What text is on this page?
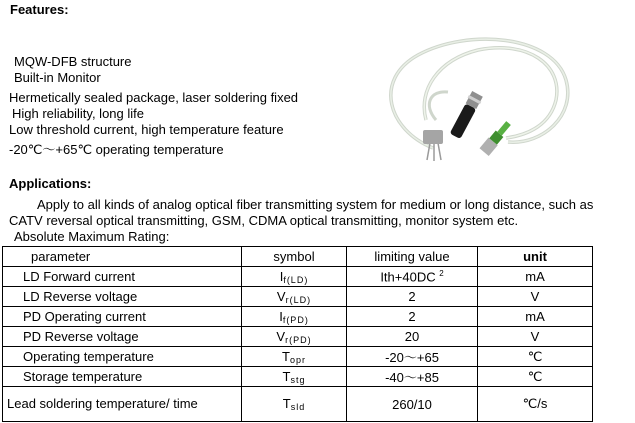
Features:
MQW-DFB structure
Built-in Monitor
Hermetically sealed package, laser soldering fixed
High reliability, long life
Low threshold current, high temperature feature
-20℃～+65℃ operating temperature
Applications:
Apply to all kinds of analog optical fiber transmitting system for medium or long distance, such as
CATV reversal optical transmitting, GSM, CDMA optical transmitting, monitor system etc.
Absolute Maximum Rating:
parameter	symbol	limiting value	unit
LD Forward current	$I_{f(LD)}$	Ith+40DC $^2$	mA
LD Reverse voltage	$V_{r(LD)}$	2	V
PD Operating current	$I_{f(PD)}$	2	mA
PD Reverse voltage	$V_{r(PD)}$	20	V
Operating temperature	$T_{opr}$	-20～+65	℃
Storage temperature	$T_{stg}$	-40～+85	℃
Lead soldering temperature/ time	$T_{sld}$	260/10	℃/s
